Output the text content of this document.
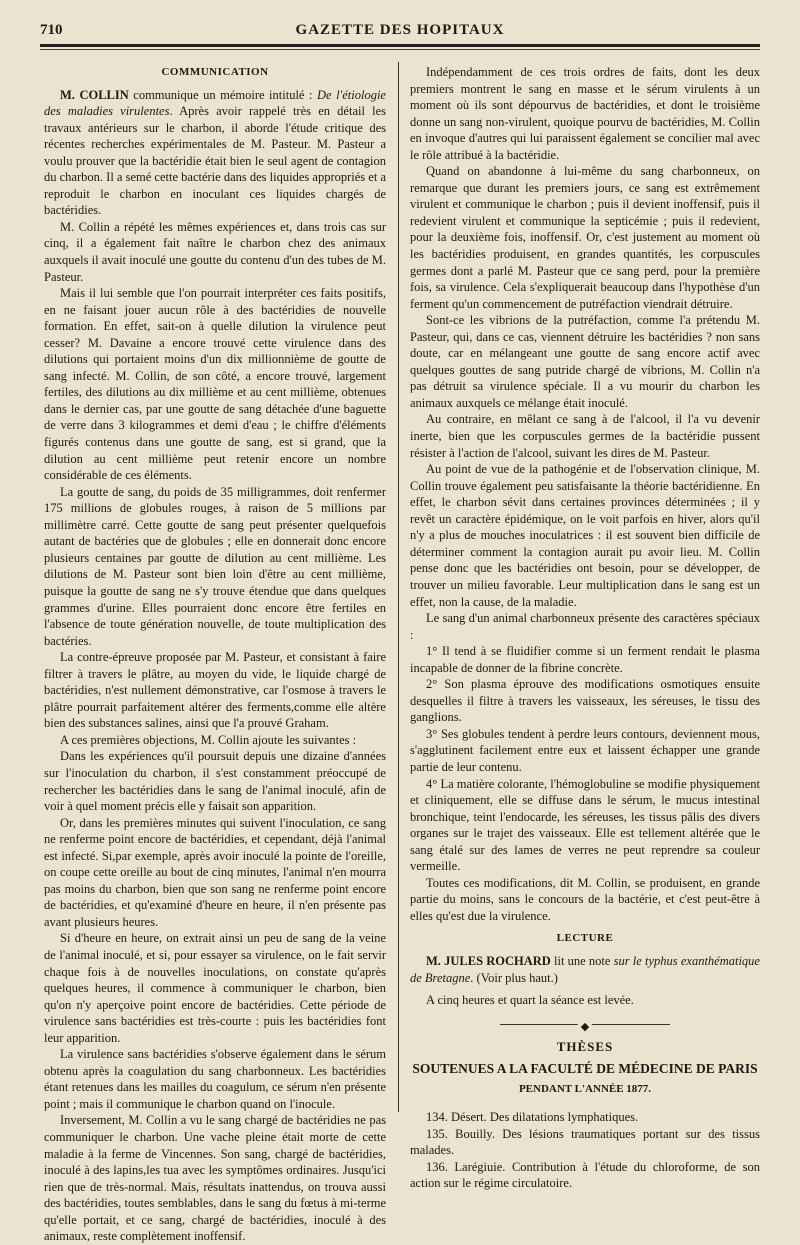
710	GAZETTE DES HOPITAUX
COMMUNICATION

M. COLLIN communique un mémoire intitulé : De l'étiologie des maladies virulentes. Après avoir rappelé très en détail les travaux antérieurs sur le charbon, il aborde l'étude critique des récentes recherches expérimentales de M. Pasteur. M. Pasteur a voulu prouver que la bactéridie était bien le seul agent de contagion du charbon. Il a semé cette bactérie dans des liquides appropriés et a reproduit le charbon en inoculant ces liquides chargés de bactéridies.

M. Collin a répété les mêmes expériences et, dans trois cas sur cinq, il a également fait naître le charbon chez des animaux auxquels il avait inoculé une goutte du contenu d'un des tubes de M. Pasteur.

Mais il lui semble que l'on pourrait interpréter ces faits positifs, en ne faisant jouer aucun rôle à des bactéridies de nouvelle formation. En effet, sait-on à quelle dilution la virulence peut cesser? M. Davaine a encore trouvé cette virulence dans des dilutions qui portaient moins d'un dix millionnième de goutte de sang infecté. M. Collin, de son côté, a encore trouvé, largement fertiles, des dilutions au dix millième et au cent millième, obtenues dans le dernier cas, par une goutte de sang détachée d'une baguette de verre dans 3 kilogrammes et demi d'eau ; le chiffre d'éléments figurés contenus dans une goutte de sang, est si grand, que la dilution au cent millième peut retenir encore un nombre considérable de ces éléments.

La goutte de sang, du poids de 35 milligrammes, doit renfermer 175 millions de globules rouges, à raison de 5 millions par millimètre carré. Cette goutte de sang peut présenter quelquefois autant de bactéries que de globules ; elle en donnerait donc encore plusieurs centaines par goutte de dilution au cent millième. Les dilutions de M. Pasteur sont bien loin d'être au cent millième, puisque la goutte de sang ne s'y trouve étendue que dans quelques grammes d'urine. Elles pourraient donc encore être fertiles en l'absence de toute génération nouvelle, de toute multiplication des bactéries.

La contre-épreuve proposée par M. Pasteur, et consistant à faire filtrer à travers le plâtre, au moyen du vide, le liquide chargé de bactéridies, n'est nullement démonstrative, car l'osmose à travers le plâtre pourrait parfaitement altérer des ferments,comme elle altère bien des substances salines, ainsi que l'a prouvé Graham.

A ces premières objections, M. Collin ajoute les suivantes :

Dans les expériences qu'il poursuit depuis une dizaine d'années sur l'inoculation du charbon, il s'est constamment préoccupé de rechercher les bactéridies dans le sang de l'animal inoculé, afin de voir à quel moment précis elle y faisait son apparition.

Or, dans les premières minutes qui suivent l'inoculation, ce sang ne renferme point encore de bactéridies, et cependant, déjà l'animal est infecté. Si,par exemple, après avoir inoculé la pointe de l'oreille, on coupe cette oreille au bout de cinq minutes, l'animal n'en mourra pas moins du charbon, bien que son sang ne renferme point encore de bactéridies, et qu'examiné d'heure en heure, il n'en présente pas avant plusieurs heures.

Si d'heure en heure, on extrait ainsi un peu de sang de la veine de l'animal inoculé, et si, pour essayer sa virulence, on le fait servir chaque fois à de nouvelles inoculations, on constate qu'après quelques heures, il commence à communiquer le charbon, bien qu'on n'y aperçoive point encore de bactéridies. Cette période de virulence sans bactéridies est très-courte : puis les bactéridies font leur apparition.

La virulence sans bactéridies s'observe également dans le sérum obtenu après la coagulation du sang charbonneux. Les bactéridies étant retenues dans les mailles du coagulum, ce sérum n'en présente point ; mais il communique le charbon quand on l'inocule.

Inversement, M. Collin a vu le sang chargé de bactéridies ne pas communiquer le charbon. Une vache pleine était morte de cette maladie à la ferme de Vincennes. Son sang, chargé de bactéridies, inoculé à des lapins,les tua avec les symptômes ordinaires. Jusqu'ici rien que de très-normal. Mais, résultats inattendus, on trouva aussi des bactéridies, toutes semblables, dans le sang du fœtus à mi-terme qu'elle portait, et ce sang, chargé de bactéridies, inoculé à des animaux, reste complètement inoffensif.

Indépendamment de ces trois ordres de faits, dont les deux premiers montrent le sang en masse et le sérum virulents à un moment où ils sont dépourvus de bactéridies, et dont le troisième donne un sang non-virulent, quoique pourvu de bactéridies, M. Collin en invoque d'autres qui lui paraissent également se concilier mal avec le rôle attribué à la bactéridie.

Quand on abandonne à lui-même du sang charbonneux, on remarque que durant les premiers jours, ce sang est extrêmement virulent et communique le charbon ; puis il devient inoffensif, puis il redevient virulent et communique la septicémie ; puis il redevient, pour la deuxième fois, inoffensif. Or, c'est justement au moment où les bactéridies produisent, en grandes quantités, les corpuscules germes dont a parlé M. Pasteur que ce sang perd, pour la première fois, sa virulence. Cela s'expliquerait beaucoup dans l'hypothèse d'un ferment qu'un commencement de putréfaction viendrait détruire.

Sont-ce les vibrions de la putréfaction, comme l'a prétendu M. Pasteur, qui, dans ce cas, viennent détruire les bactéridies ? non sans doute, car en mélangeant une goutte de sang encore actif avec quelques gouttes de sang putride chargé de vibrions, M. Collin n'a pas détruit sa virulence spéciale. Il a vu mourir du charbon les animaux auxquels ce mélange était inoculé.

Au contraire, en mêlant ce sang à de l'alcool, il l'a vu devenir inerte, bien que les corpuscules germes de la bactéridie pussent résister à l'action de l'alcool, suivant les dires de M. Pasteur.

Au point de vue de la pathogénie et de l'observation clinique, M. Collin trouve également peu satisfaisante la théorie bactéridienne. En effet, le charbon sévit dans certaines provinces déterminées ; il y revêt un caractère épidémique, on le voit parfois en hiver, alors qu'il n'y a plus de mouches inoculatrices : il est souvent bien difficile de déterminer comment la contagion aurait pu avoir lieu. M. Collin pense donc que les bactéridies ont besoin, pour se développer, de trouver un milieu favorable. Leur multiplication dans le sang est un effet, non la cause, de la maladie.

Le sang d'un animal charbonneux présente des caractères spéciaux :

1° Il tend à se fluidifier comme si un ferment rendait le plasma incapable de donner de la fibrine concrète.

2° Son plasma éprouve des modifications osmotiques ensuite desquelles il filtre à travers les vaisseaux, les séreuses, le tissu des ganglions.

3° Ses globules tendent à perdre leurs contours, deviennent mous, s'agglutinent facilement entre eux et laissent échapper une grande partie de leur contenu.

4° La matière colorante, l'hémoglobuline se modifie physiquement et cliniquement, elle se diffuse dans le sérum, le mucus intestinal bronchique, teint l'endocarde, les séreuses, les tissus pâlis des divers organes sur le trajet des vaisseaux. Elle est tellement altérée que le sang étalé sur des lames de verres ne peut reprendre sa couleur vermeille.

Toutes ces modifications, dit M. Collin, se produisent, en grande partie du moins, sans le concours de la bactérie, et c'est peut-être à elles qu'est due la virulence.

LECTURE

M. JULES ROCHARD lit une note sur le typhus exanthématique de Bretagne. (Voir plus haut.)

A cinq heures et quart la séance est levée.

◆
THÈSES
SOUTENUES A LA FACULTÉ DE MÉDECINE DE PARIS
PENDANT L'ANNÉE 1877.

134. Désert. Des dilatations lymphatiques.

135. Bouilly. Des lésions traumatiques portant sur des tissus malades.

136. Larégiuie. Contribution à l'étude du chloroforme, de son action sur le régime circulatoire.
